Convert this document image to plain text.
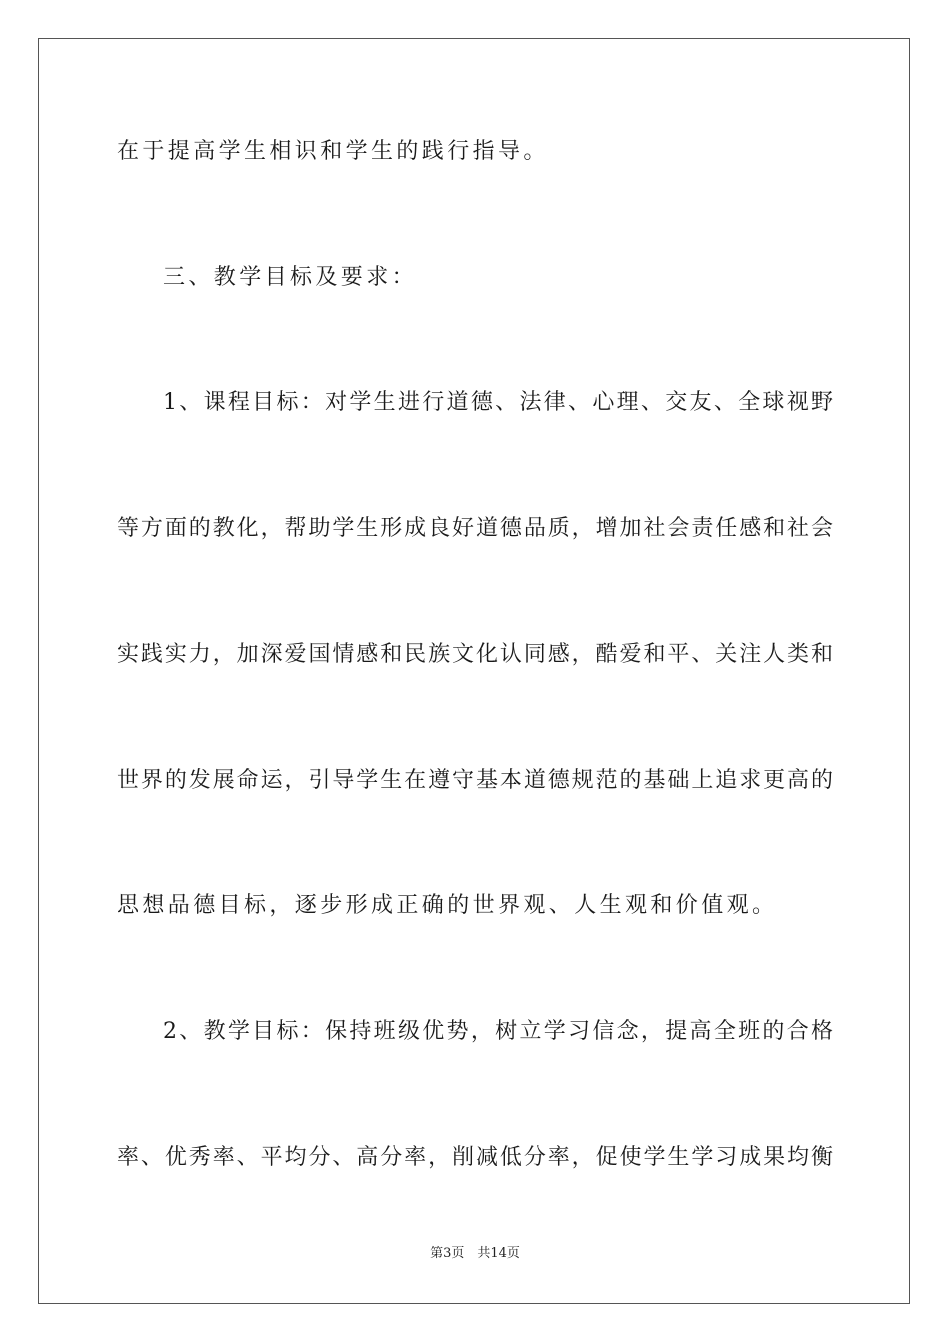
在于提高学生相识和学生的践行指导。
三、教学目标及要求：
1、课程目标：对学生进行道德、法律、心理、交友、全球视野
等方面的教化，帮助学生形成良好道德品质，增加社会责任感和社会
实践实力，加深爱国情感和民族文化认同感，酷爱和平、关注人类和
世界的发展命运，引导学生在遵守基本道德规范的基础上追求更高的
思想品德目标，逐步形成正确的世界观、人生观和价值观。
2、教学目标：保持班级优势，树立学习信念，提高全班的合格
率、优秀率、平均分、高分率，削减低分率，促使学生学习成果均衡
第3页　共14页
